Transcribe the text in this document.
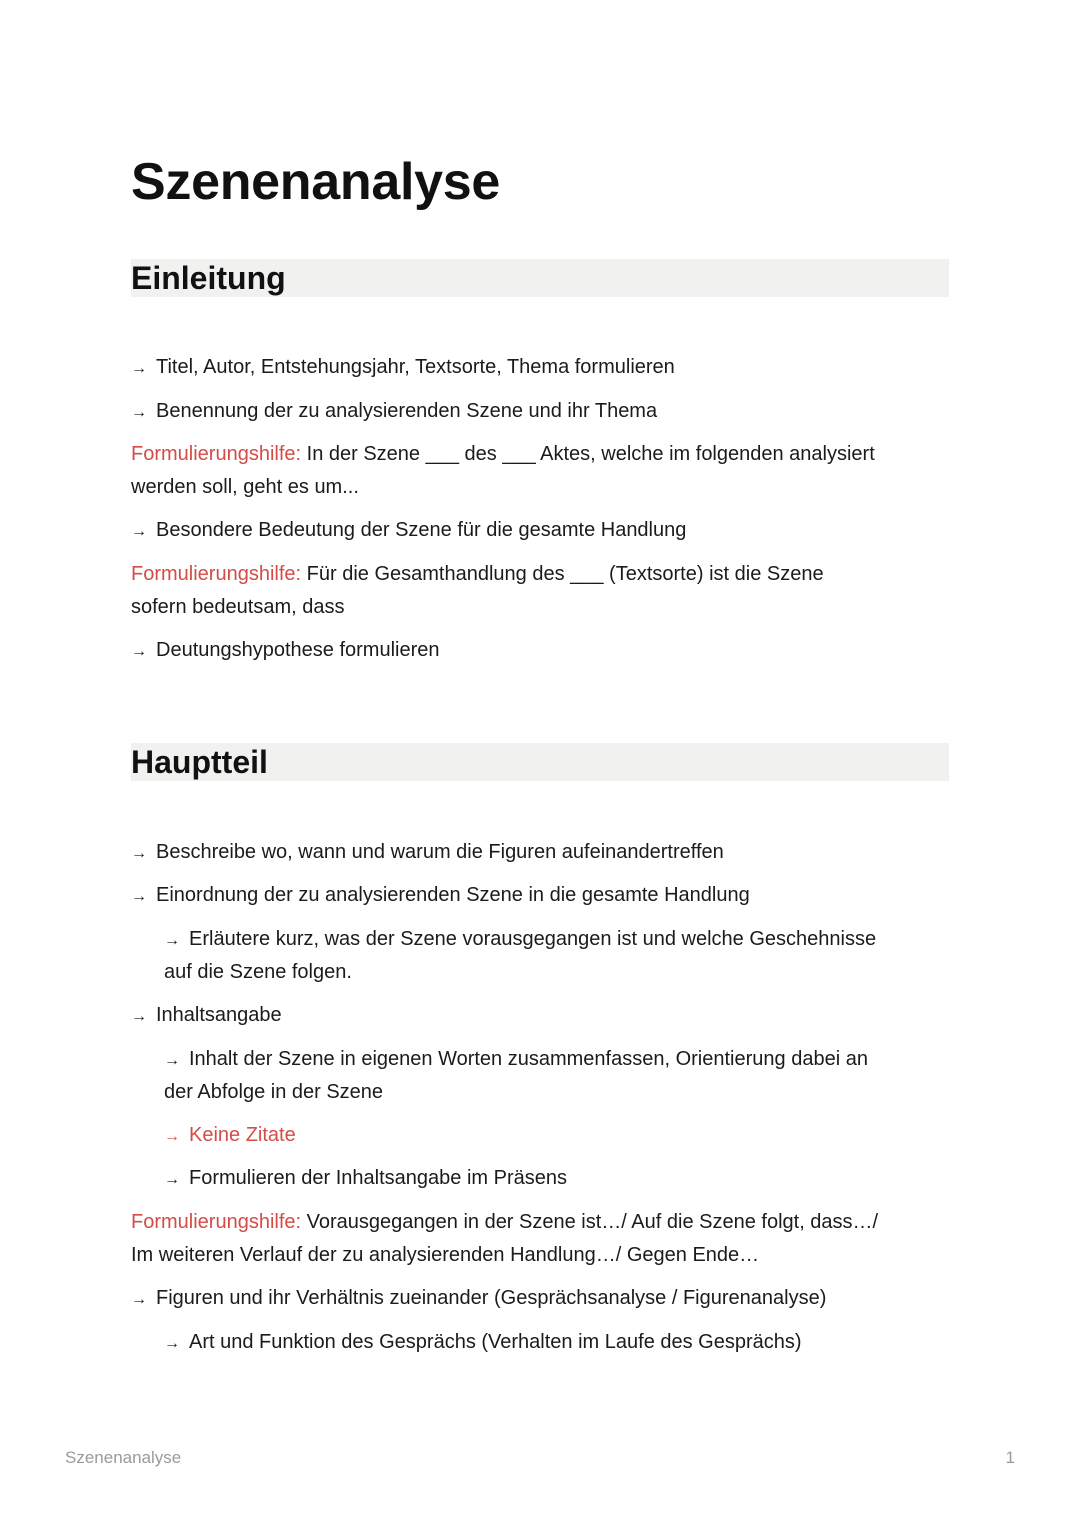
Szenenanalyse
Einleitung

→ Titel, Autor, Entstehungsjahr, Textsorte, Thema formulieren

→ Benennung der zu analysierenden Szene und ihr Thema

Formulierungshilfe: In der Szene ___ des ___ Aktes, welche im folgenden analysiert

werden soll, geht es um...

→ Besondere Bedeutung der Szene für die gesamte Handlung

Formulierungshilfe: Für die Gesamthandlung des ___ (Textsorte) ist die Szene

sofern bedeutsam, dass

→ Deutungshypothese formulieren

Hauptteil

→ Beschreibe wo, wann und warum die Figuren aufeinandertreffen

→ Einordnung der zu analysierenden Szene in die gesamte Handlung

→ Erläutere kurz, was der Szene vorausgegangen ist und welche Geschehnisse

auf die Szene folgen.

→ Inhaltsangabe

→ Inhalt der Szene in eigenen Worten zusammenfassen, Orientierung dabei an

der Abfolge in der Szene

→ Keine Zitate

→ Formulieren der Inhaltsangabe im Präsens

Formulierungshilfe: Vorausgegangen in der Szene ist…/ Auf die Szene folgt, dass…/

Im weiteren Verlauf der zu analysierenden Handlung…/ Gegen Ende…

→ Figuren und ihr Verhältnis zueinander (Gesprächsanalyse / Figurenanalyse)

→ Art und Funktion des Gesprächs (Verhalten im Laufe des Gesprächs)

Szenenanalyse	1
